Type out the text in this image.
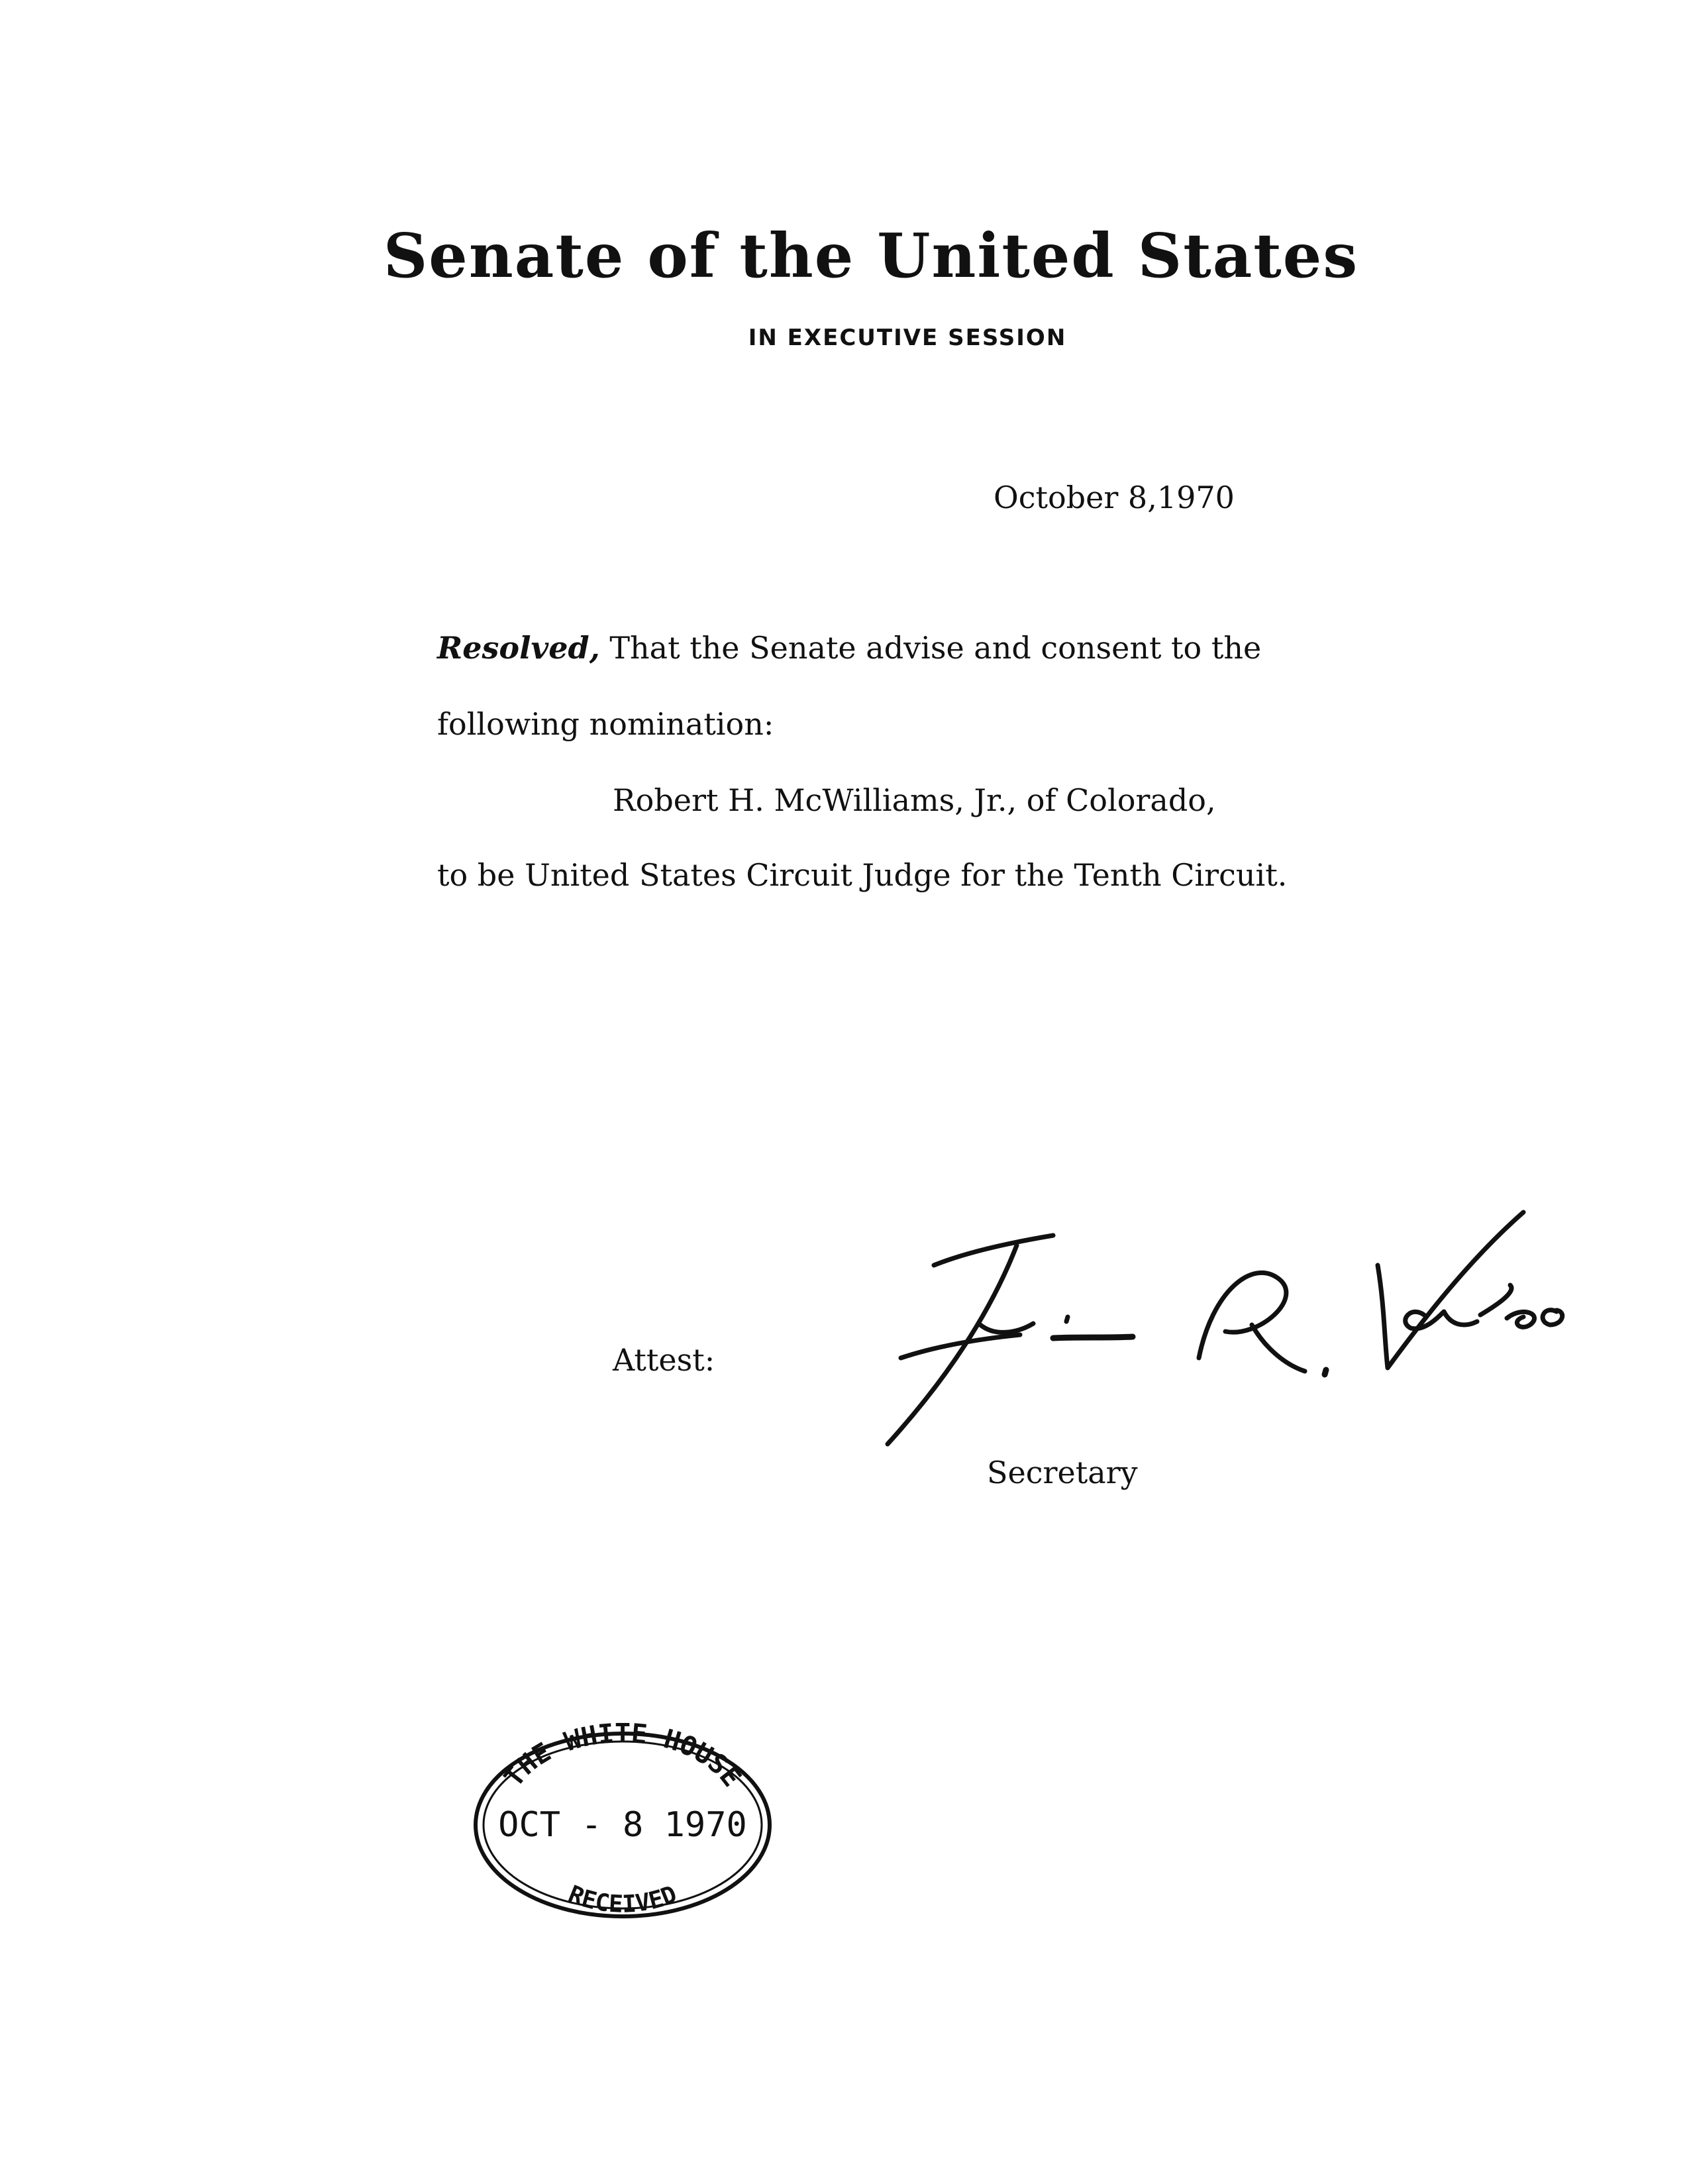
Senate of the United States
IN EXECUTIVE SESSION
October 8,1970
Resolved, That the Senate advise and consent to the
following nomination:
Robert H. McWilliams, Jr., of Colorado,
to be United States Circuit Judge for the Tenth Circuit.
Attest:
Secretary
THE WHITE HOUSE
OCT - 8 1970
RECEIVED
